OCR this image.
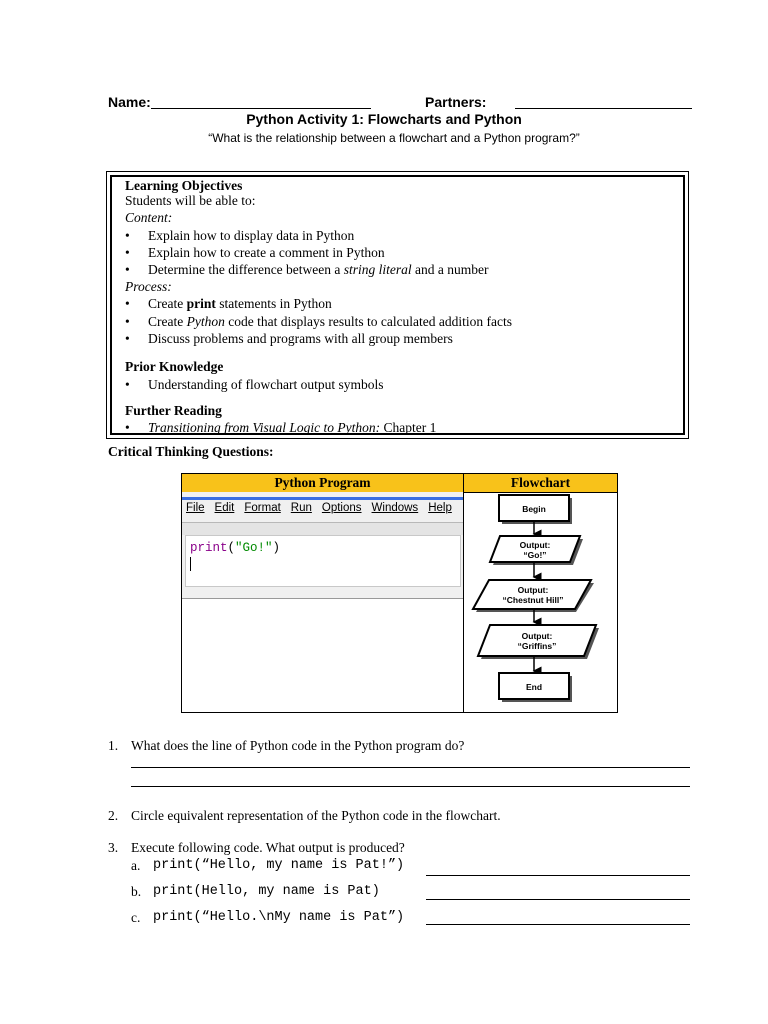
Name:	Partners:
Python Activity 1: Flowcharts and Python
“What is the relationship between a flowchart and a Python program?”
Learning Objectives
Students will be able to:
Content:
• Explain how to display data in Python
• Explain how to create a comment in Python
• Determine the difference between a string literal and a number
Process:
• Create print statements in Python
• Create Python code that displays results to calculated addition facts
• Discuss problems and programs with all group members
Prior Knowledge
• Understanding of flowchart output symbols
Further Reading
• Transitioning from Visual Logic to Python: Chapter 1
Critical Thinking Questions:
Python Program	Flowchart
File Edit Format Run Options Windows Help
print("Go!")
Begin
Output:
“Go!”
Output:
“Chestnut Hill”
Output:
“Griffins”
End
1. What does the line of Python code in the Python program do?
2. Circle equivalent representation of the Python code in the flowchart.
3. Execute following code. What output is produced?
a. print(“Hello, my name is Pat!”)
b. print(Hello, my name is Pat)
c. print(“Hello.\nMy name is Pat”)
